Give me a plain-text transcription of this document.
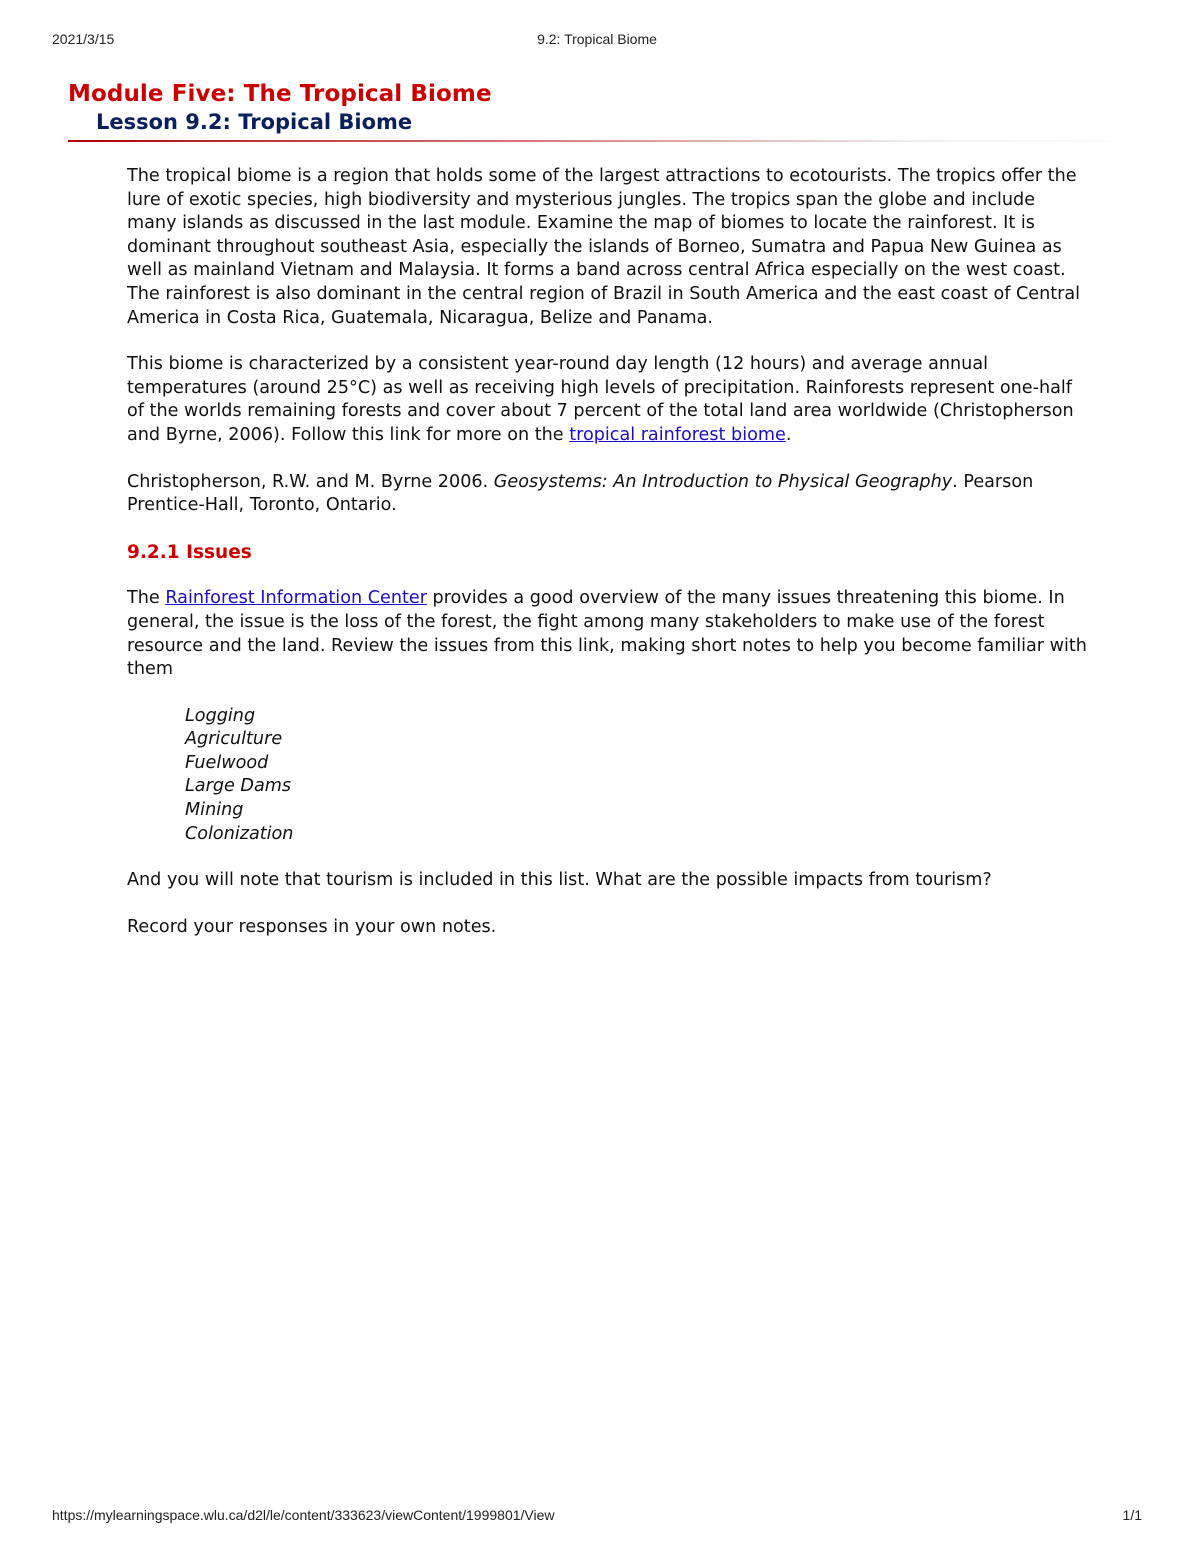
2021/3/15	9.2: Tropical Biome
Module Five: The Tropical Biome
Lesson 9.2: Tropical Biome

The tropical biome is a region that holds some of the largest attractions to ecotourists. The tropics offer the lure of exotic species, high biodiversity and mysterious jungles. The tropics span the globe and include many islands as discussed in the last module. Examine the map of biomes to locate the rainforest. It is dominant throughout southeast Asia, especially the islands of Borneo, Sumatra and Papua New Guinea as well as mainland Vietnam and Malaysia. It forms a band across central Africa especially on the west coast. The rainforest is also dominant in the central region of Brazil in South America and the east coast of Central America in Costa Rica, Guatemala, Nicaragua, Belize and Panama.

This biome is characterized by a consistent year-round day length (12 hours) and average annual temperatures (around 25°C) as well as receiving high levels of precipitation. Rainforests represent one-half of the worlds remaining forests and cover about 7 percent of the total land area worldwide (Christopherson and Byrne, 2006). Follow this link for more on the tropical rainforest biome.

Christopherson, R.W. and M. Byrne 2006. Geosystems: An Introduction to Physical Geography. Pearson Prentice-Hall, Toronto, Ontario.

9.2.1 Issues

The Rainforest Information Center provides a good overview of the many issues threatening this biome. In general, the issue is the loss of the forest, the fight among many stakeholders to make use of the forest resource and the land. Review the issues from this link, making short notes to help you become familiar with them

Logging
Agriculture
Fuelwood
Large Dams
Mining
Colonization

And you will note that tourism is included in this list. What are the possible impacts from tourism?

Record your responses in your own notes.

https://mylearningspace.wlu.ca/d2l/le/content/333623/viewContent/1999801/View	1/1
